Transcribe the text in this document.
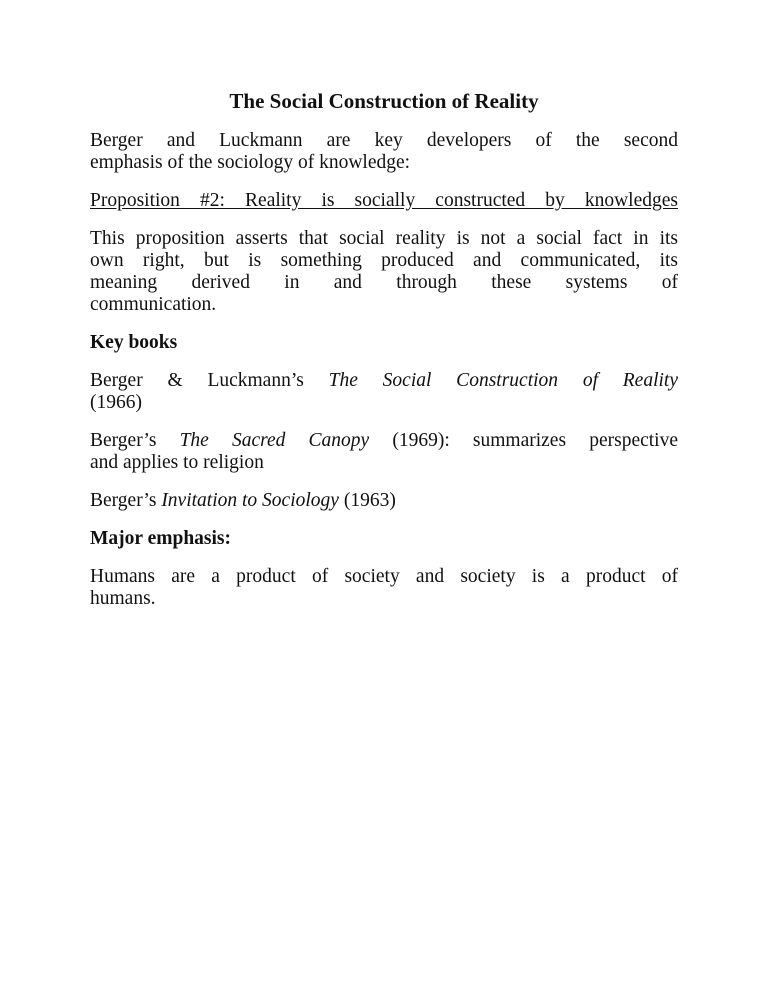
The Social Construction of Reality
Berger and Luckmann are key developers of the second
emphasis of the sociology of knowledge:
Proposition #2: Reality is socially constructed by knowledges
This proposition asserts that social reality is not a social fact in its
own right, but is something produced and communicated, its
meaning derived in and through these systems of
communication.
Key books
Berger & Luckmann’s The Social Construction of Reality
(1966)
Berger’s The Sacred Canopy (1969): summarizes perspective
and applies to religion
Berger’s Invitation to Sociology (1963)
Major emphasis:
Humans are a product of society and society is a product of
humans.
